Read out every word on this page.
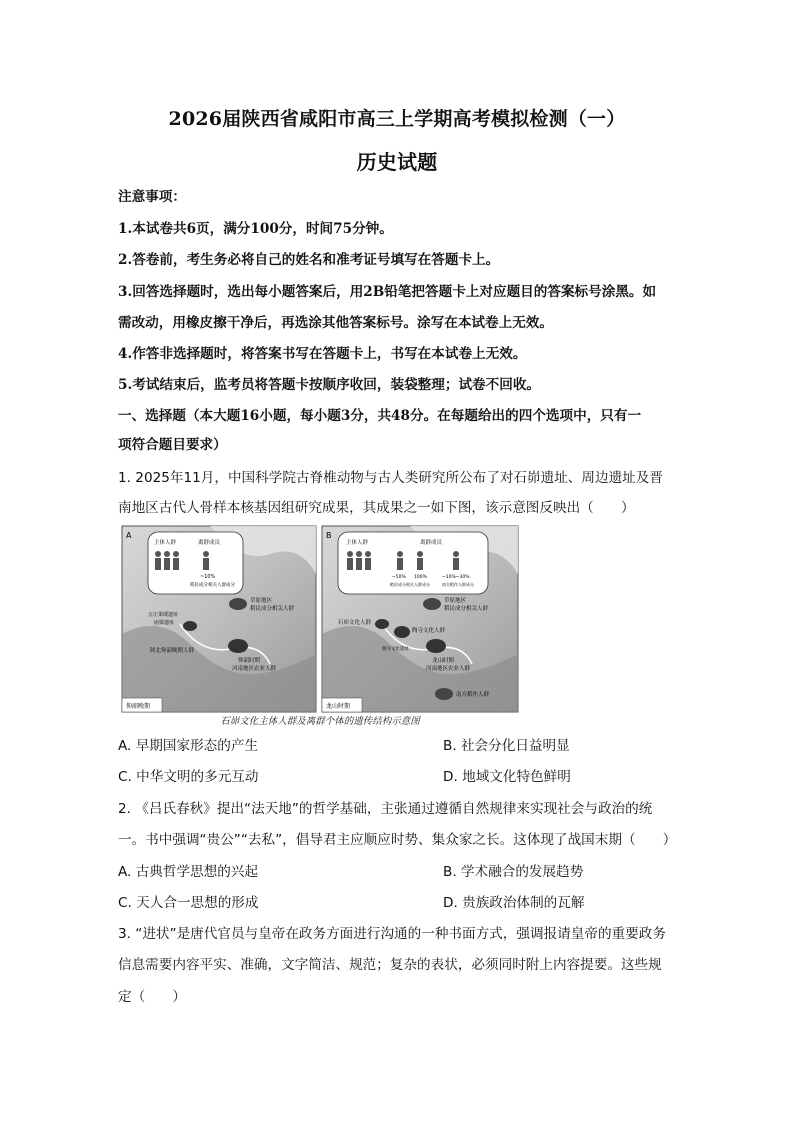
2026届陕西省咸阳市高三上学期高考模拟检测（一）
历史试题
注意事项：
1.本试卷共6页，满分100分，时间75分钟。
2.答卷前，考生务必将自己的姓名和准考证号填写在答题卡上。
3.回答选择题时，选出每小题答案后，用2B铅笔把答题卡上对应题目的答案标号涂黑。如
需改动，用橡皮擦干净后，再选涂其他答案标号。涂写在本试卷上无效。
4.作答非选择题时，将答案书写在答题卡上，书写在本试卷上无效。
5.考试结束后，监考员将答题卡按顺序收回，装袋整理；试卷不回收。
一、选择题（本大题16小题，每小题3分，共48分。在每题给出的四个选项中，只有一
项符合题目要求）
1. 2025年11月，中国科学院古脊椎动物与古人类研究所公布了对石峁遗址、周边遗址及晋
南地区古代人骨样本核基因组研究成果，其成果之一如下图，该示意图反映出（　　）
A
主体人群	离群成员
~10%
稻民成分相关人群成分
草原地区
稻民成分相关人群
五庄果墚遗址
庙梁遗址
陕北仰韶晚期人群
仰韶时期
河南地区农业人群
仰韶晚期
B
主体人群	离群成员
~50% 100%	~10%~30%
稻民成分相关人群成分	南方稻作人群成分
草原地区
稻民成分相关人群
石峁文化人群
陶寺文化人群
陶寺文化遗址
龙山时期
河南地区农业人群
南方稻作人群
龙山时期
石峁文化主体人群及离群个体的遗传结构示意图
A. 早期国家形态的产生	B. 社会分化日益明显
C. 中华文明的多元互动	D. 地域文化特色鲜明
2. 《吕氏春秋》提出“法天地”的哲学基础，主张通过遵循自然规律来实现社会与政治的统
一。书中强调“贵公”“去私”，倡导君主应顺应时势、集众家之长。这体现了战国末期（　　）
A. 古典哲学思想的兴起	B. 学术融合的发展趋势
C. 天人合一思想的形成	D. 贵族政治体制的瓦解
3. “进状”是唐代官员与皇帝在政务方面进行沟通的一种书面方式，强调报请皇帝的重要政务
信息需要内容平实、准确，文字简洁、规范；复杂的表状，必须同时附上内容提要。这些规
定（　　）
